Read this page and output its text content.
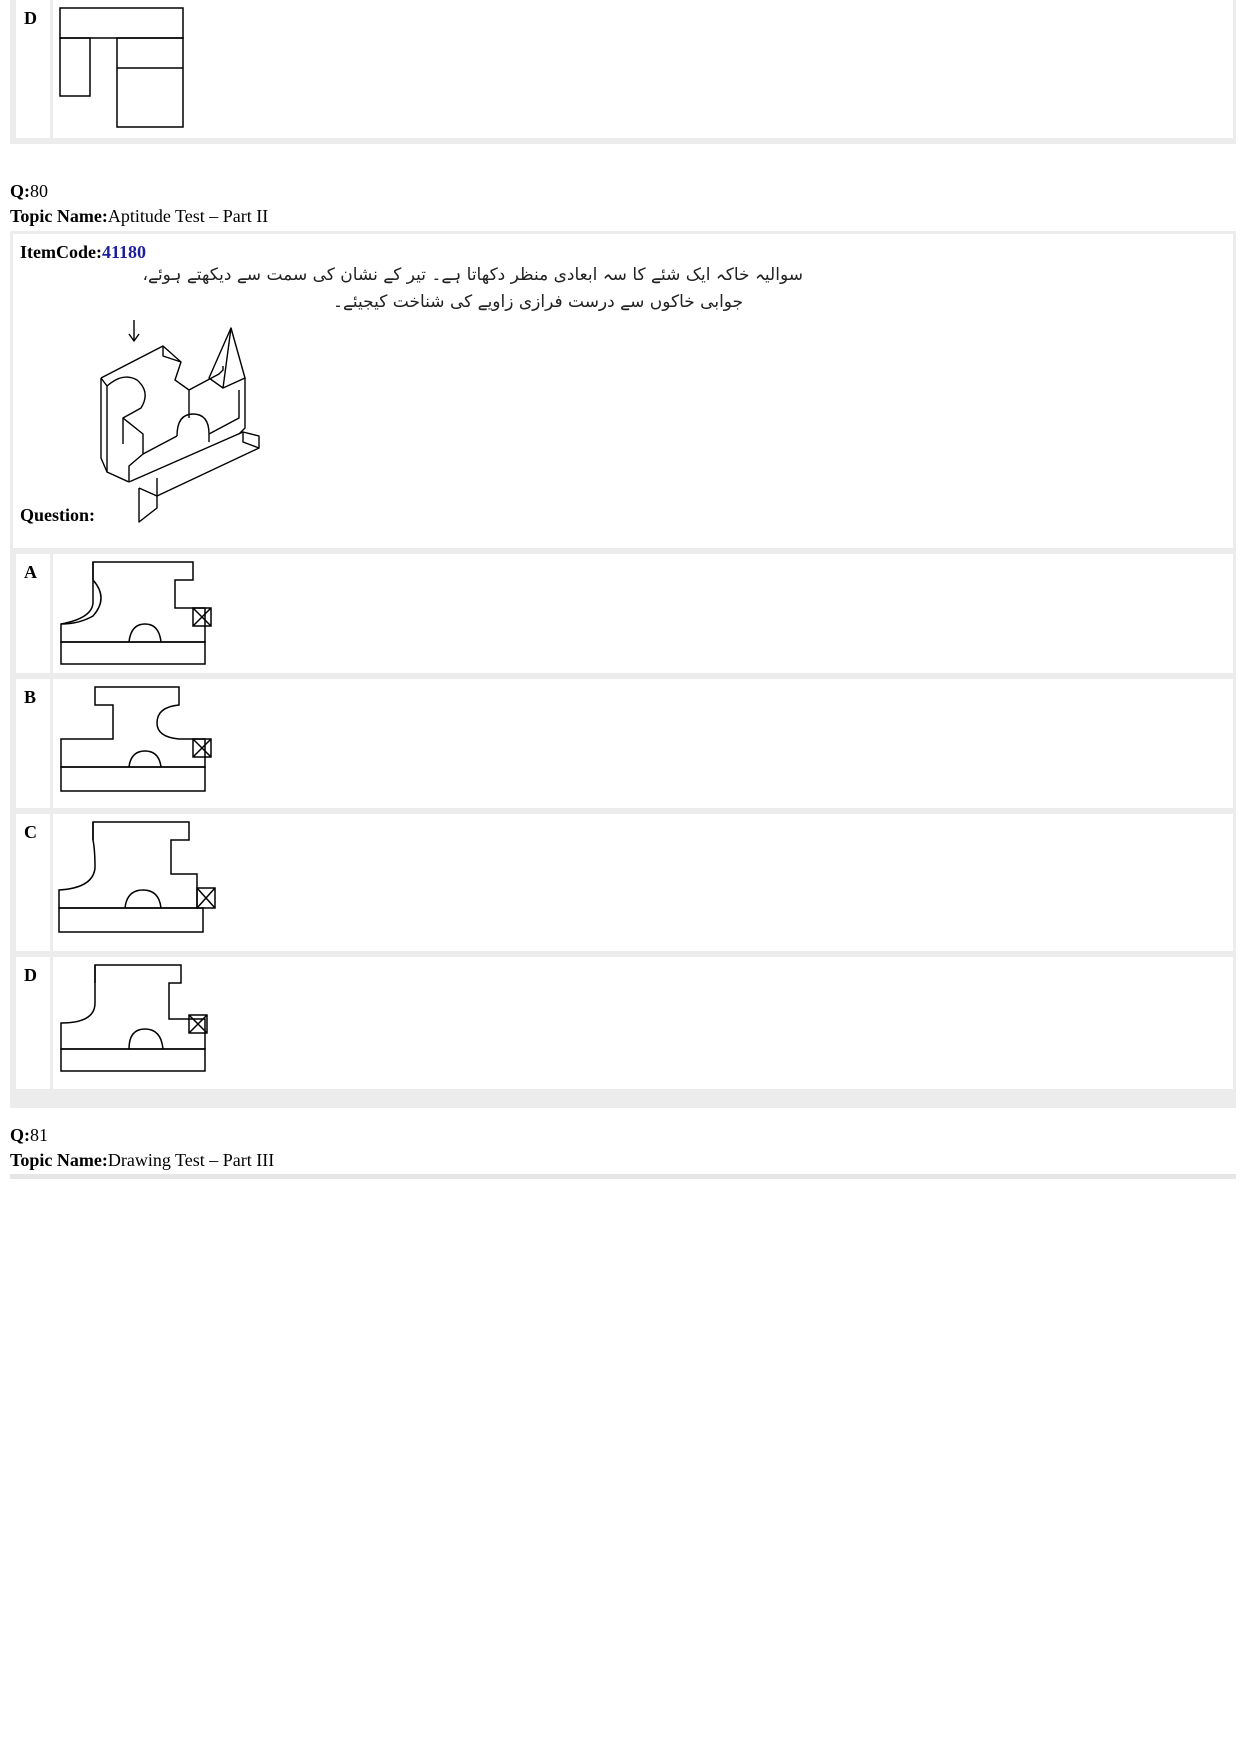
D
Q:80
Topic Name:Aptitude Test – Part II
ItemCode:41180
سوالیہ خاکہ ایک شئے کا سہ ابعادی منظر دکھاتا ہے۔ تیر کے نشان کی سمت سے دیکھتے ہوئے،
جوابی خاکوں سے درست فرازی زاویے کی شناخت کیجیئے۔
Question:
A
B
C
D
Q:81
Topic Name:Drawing Test – Part III
